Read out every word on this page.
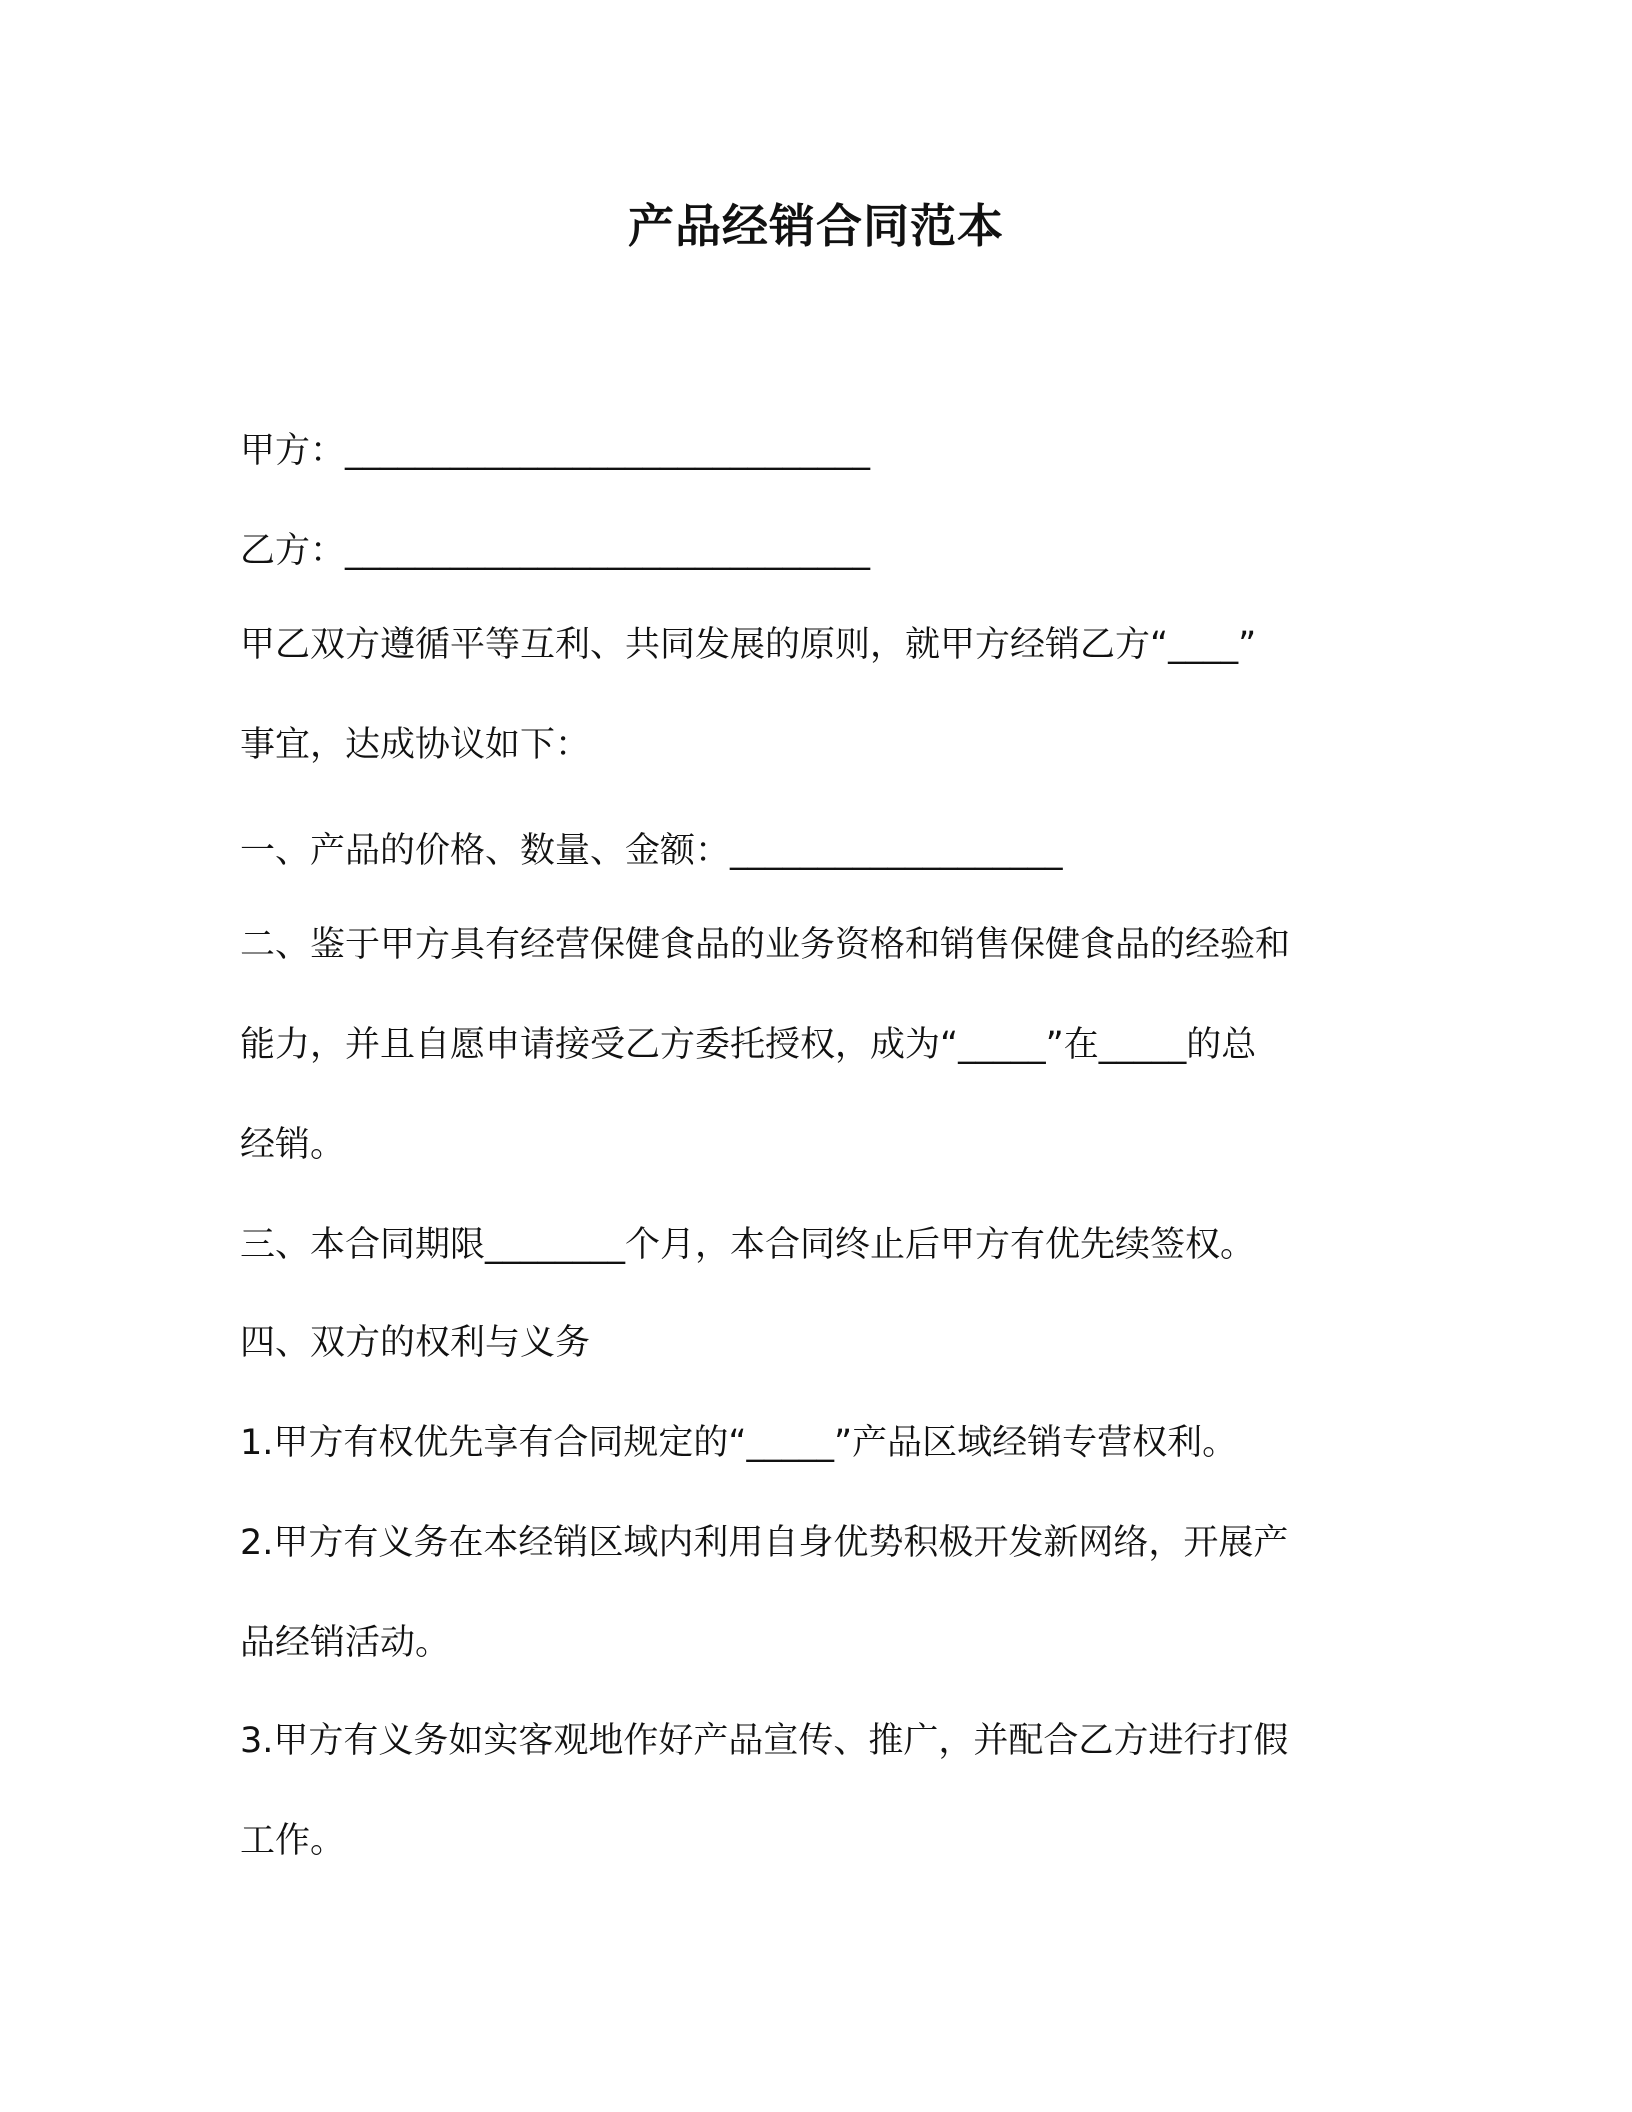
产品经销合同范本
甲方：______________________________
乙方：______________________________
甲乙双方遵循平等互利、共同发展的原则，就甲方经销乙方“____”
事宜，达成协议如下：
一、产品的价格、数量、金额：___________________
二、鉴于甲方具有经营保健食品的业务资格和销售保健食品的经验和
能力，并且自愿申请接受乙方委托授权，成为“_____”在_____的总
经销。
三、本合同期限________个月，本合同终止后甲方有优先续签权。
四、双方的权利与义务
1.甲方有权优先享有合同规定的“_____”产品区域经销专营权利。
2.甲方有义务在本经销区域内利用自身优势积极开发新网络，开展产
品经销活动。
3.甲方有义务如实客观地作好产品宣传、推广，并配合乙方进行打假
工作。
